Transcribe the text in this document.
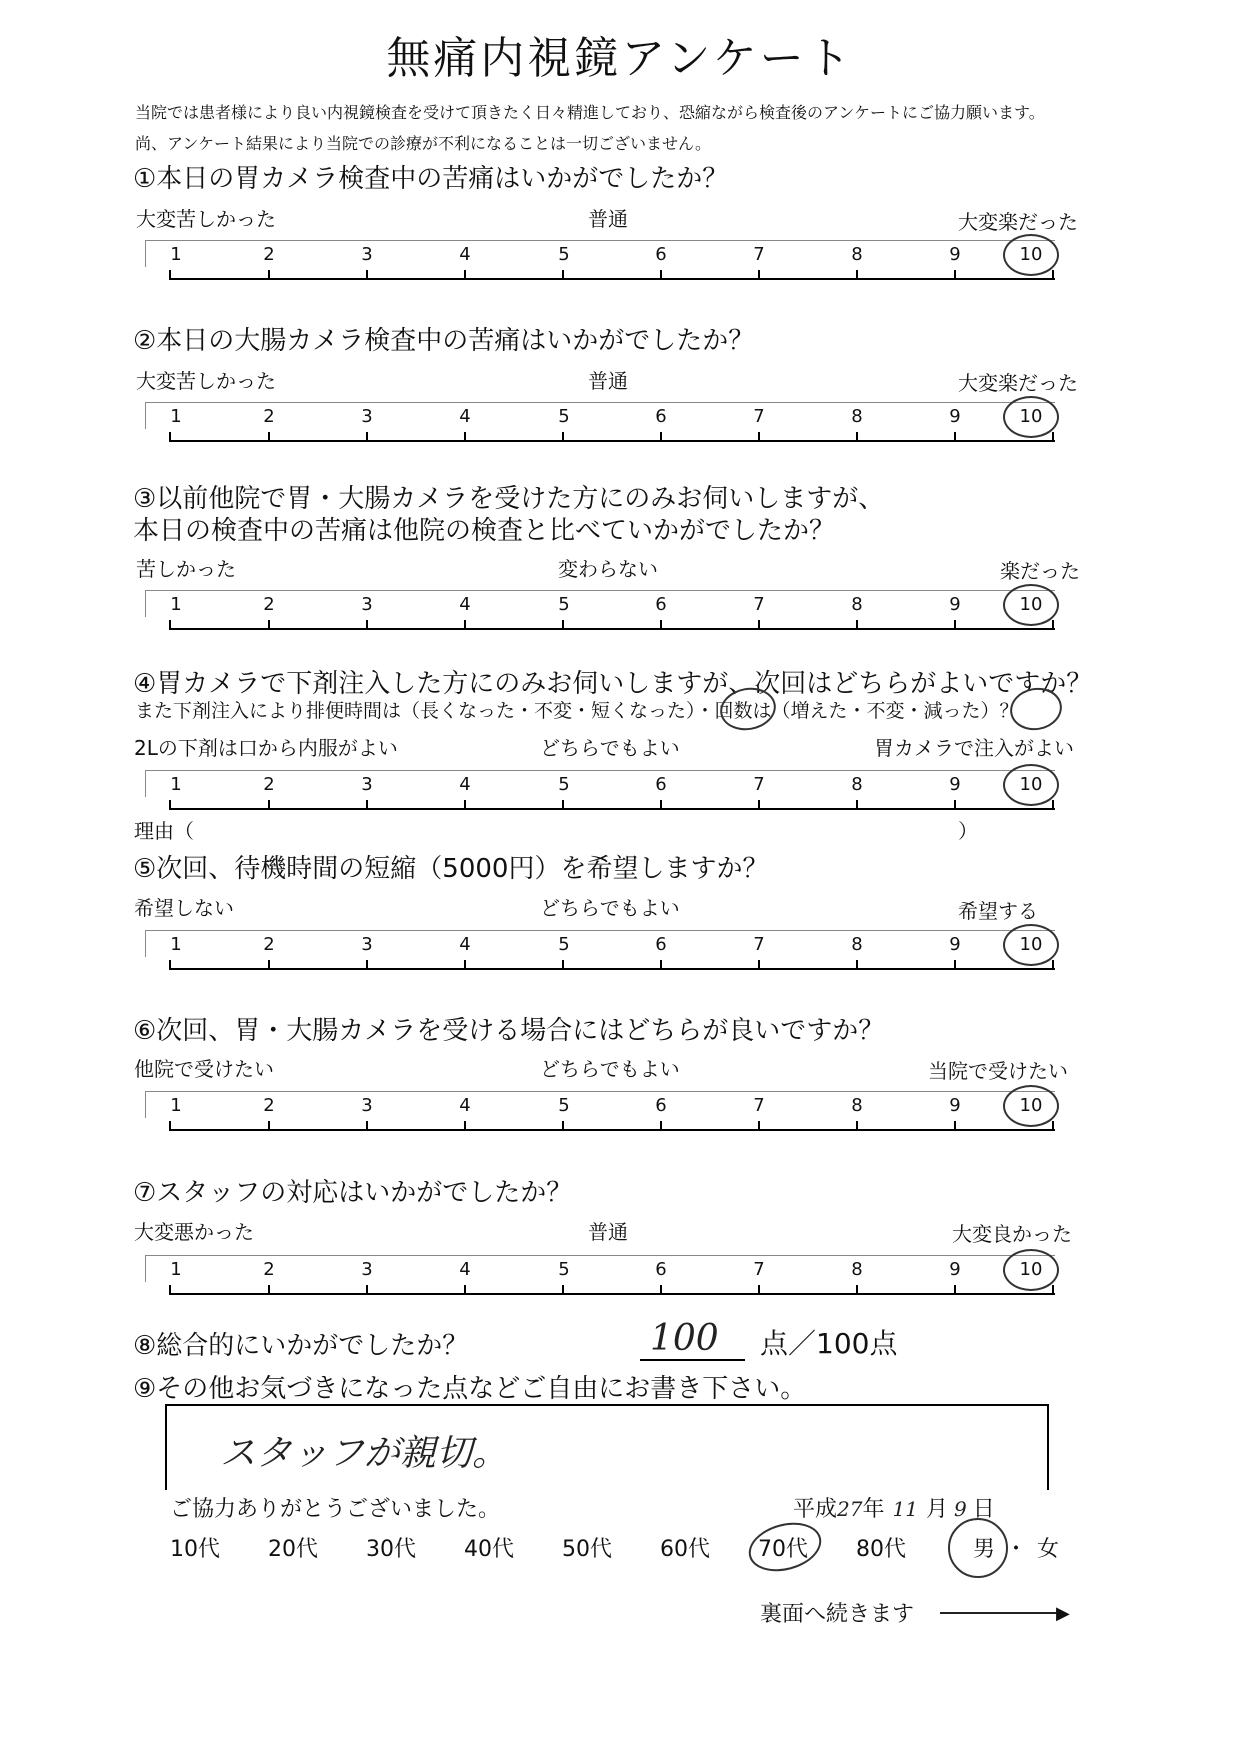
無痛内視鏡アンケート
当院では患者様により良い内視鏡検査を受けて頂きたく日々精進しており、恐縮ながら検査後のアンケートにご協力願います。
尚、アンケート結果により当院での診療が不利になることは一切ございません。
①本日の胃カメラ検査中の苦痛はいかがでしたか？
大変苦しかった	普通	大変楽だった
1	2	3	4	5	6	7	8	9	10
②本日の大腸カメラ検査中の苦痛はいかがでしたか？
大変苦しかった	普通	大変楽だった
1	2	3	4	5	6	7	8	9	10
③以前他院で胃・大腸カメラを受けた方にのみお伺いしますが、
本日の検査中の苦痛は他院の検査と比べていかがでしたか？
苦しかった	変わらない	楽だった
1	2	3	4	5	6	7	8	9	10
④胃カメラで下剤注入した方にのみお伺いしますが、次回はどちらがよいですか？
また下剤注入により排便時間は（長くなった・不変・短くなった）・回数は（増えた・不変・減った）？
2Lの下剤は口から内服がよい	どちらでもよい	胃カメラで注入がよい
1	2	3	4	5	6	7	8	9	10
理由（	）
⑤次回、待機時間の短縮（5000円）を希望しますか？
希望しない	どちらでもよい	希望する
1	2	3	4	5	6	7	8	9	10
⑥次回、胃・大腸カメラを受ける場合にはどちらが良いですか？
他院で受けたい	どちらでもよい	当院で受けたい
1	2	3	4	5	6	7	8	9	10
⑦スタッフの対応はいかがでしたか？
大変悪かった	普通	大変良かった
1	2	3	4	5	6	7	8	9	10
⑧総合的にいかがでしたか？	100 点／100点
⑨その他お気づきになった点などご自由にお書き下さい。
スタッフが親切。
ご協力ありがとうございました。	平成27年 11 月 9 日
10代 20代 30代 40代 50代 60代 70代 80代	男 ・ 女
裏面へ続きます	▶
